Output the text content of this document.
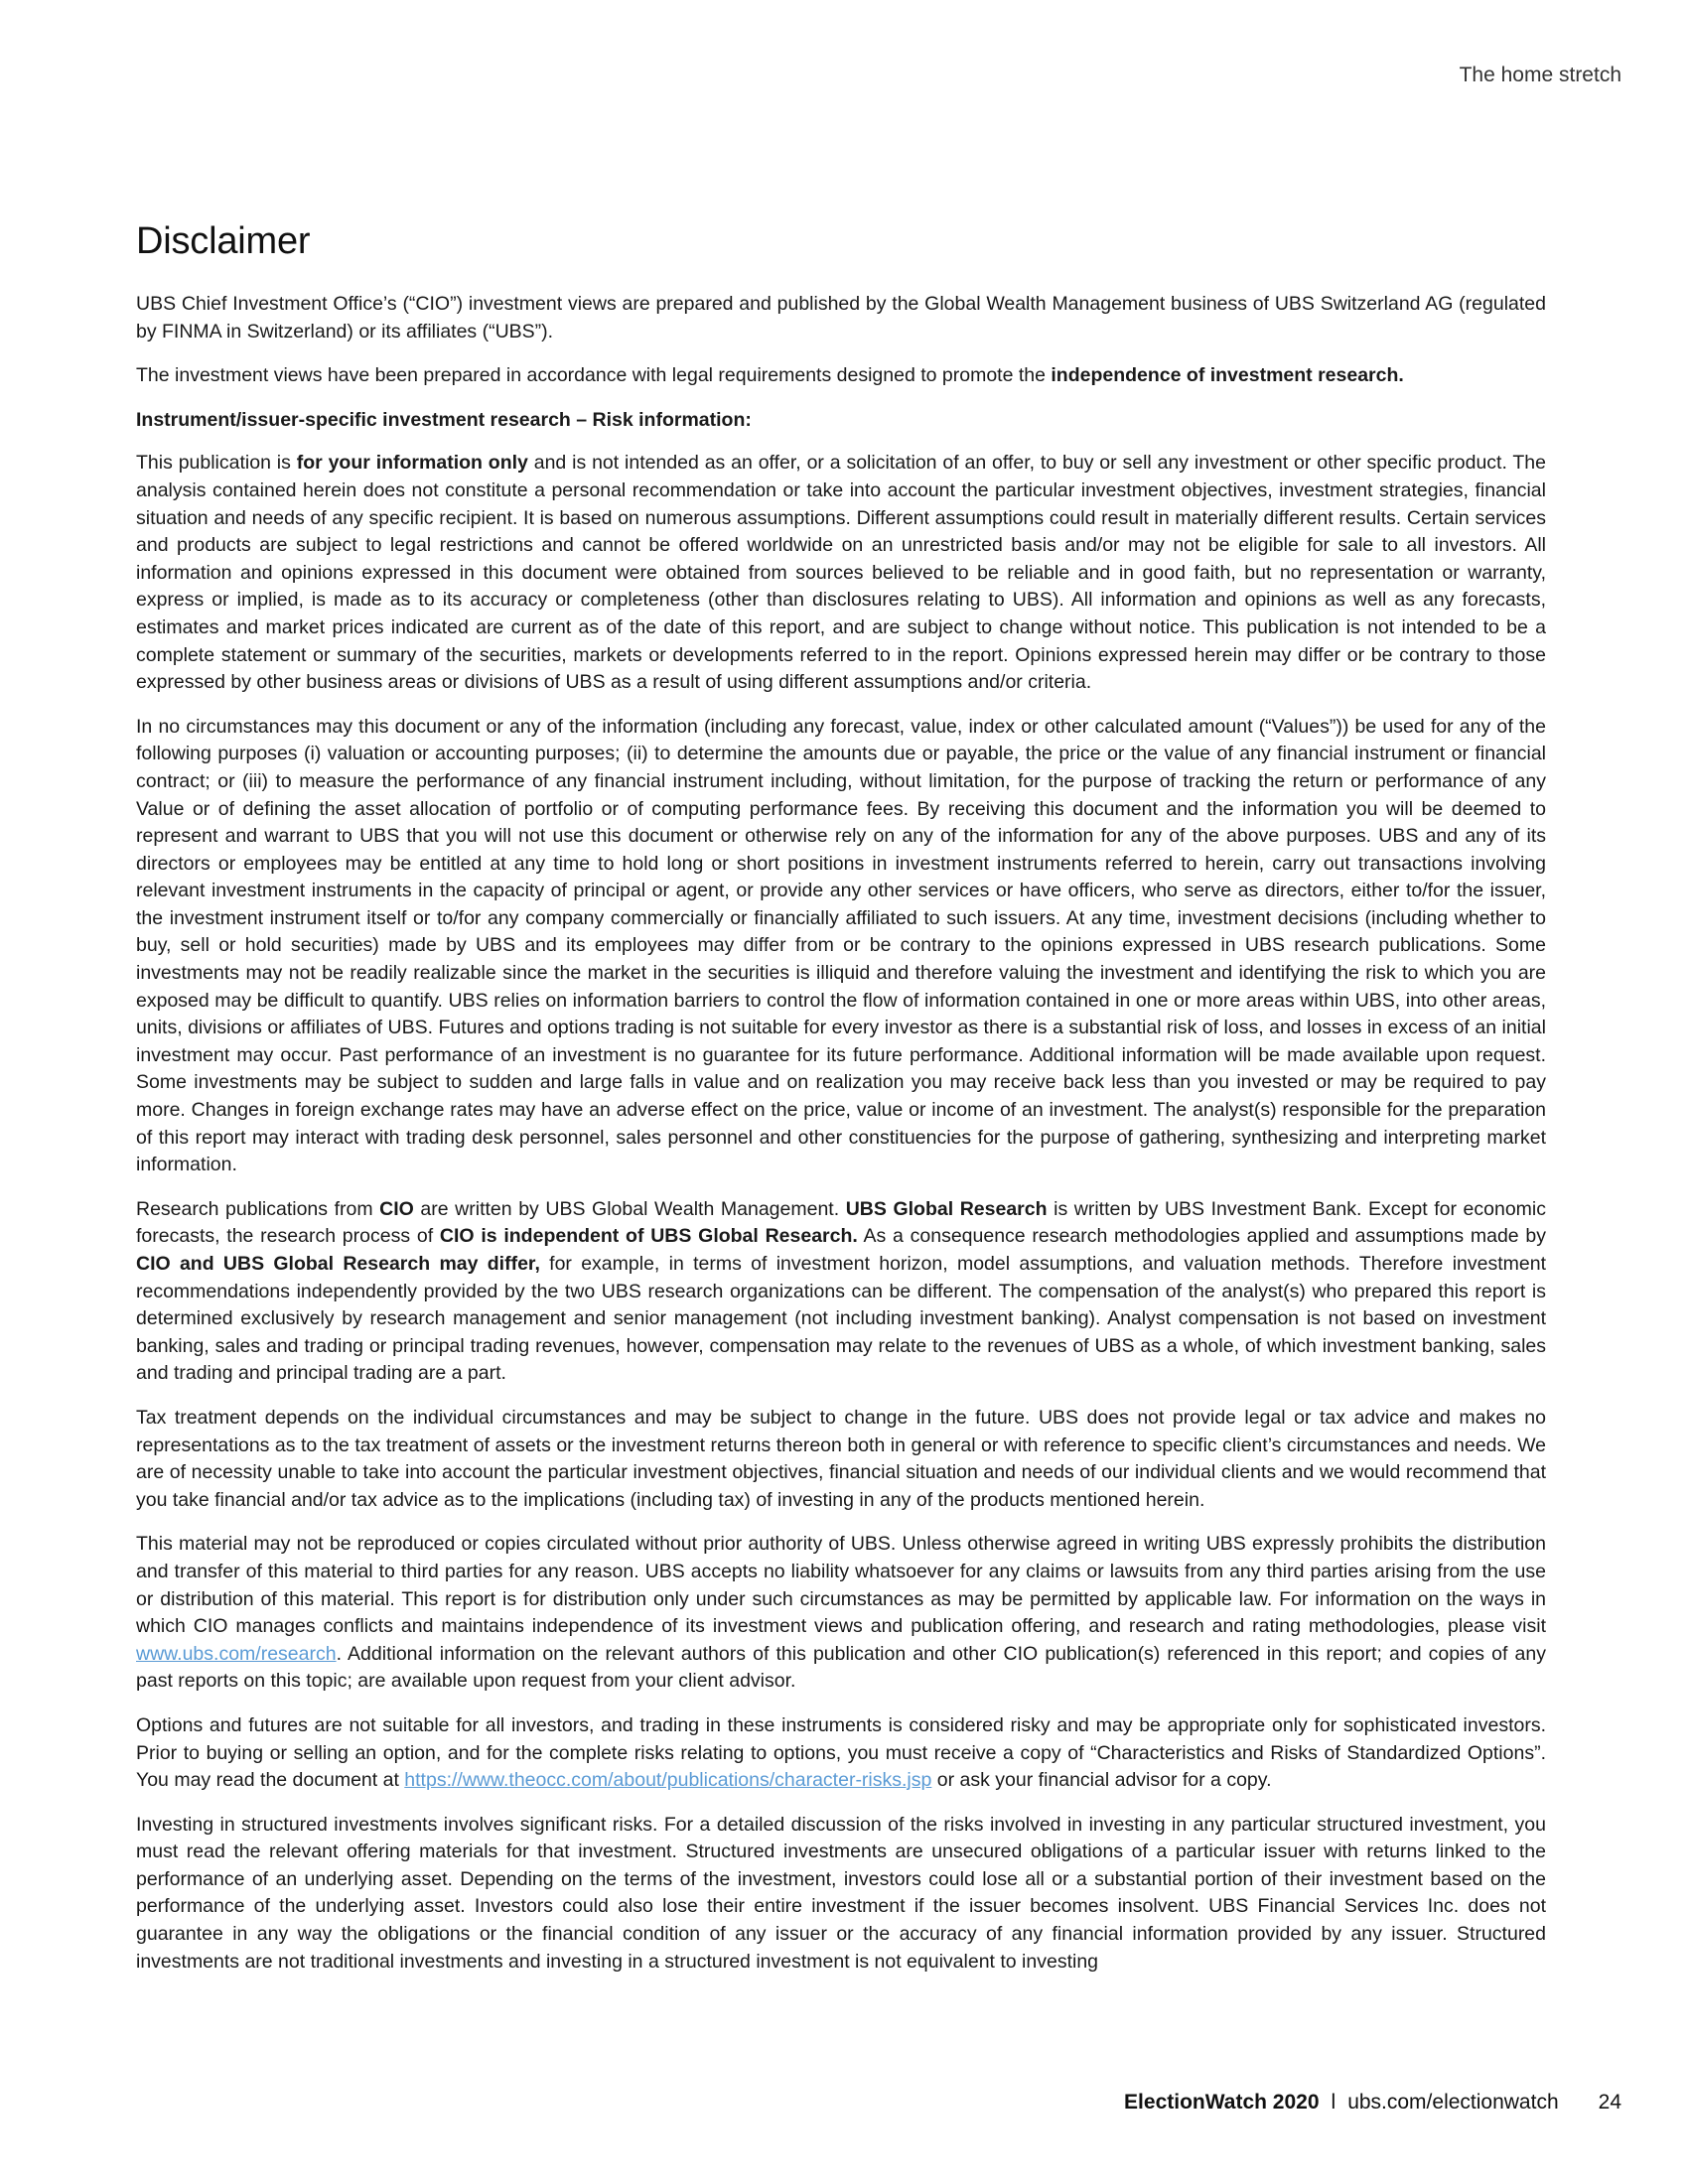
The home stretch
Disclaimer

UBS Chief Investment Office’s (“CIO”) investment views are prepared and published by the Global Wealth Management business of UBS Switzerland AG (regulated by FINMA in Switzerland) or its affiliates (“UBS”).

The investment views have been prepared in accordance with legal requirements designed to promote the independence of investment research.

Instrument/issuer-specific investment research – Risk information:

This publication is for your information only and is not intended as an offer, or a solicitation of an offer, to buy or sell any investment or other specific product. The analysis contained herein does not constitute a personal recommendation or take into account the particular investment objectives, investment strategies, financial situation and needs of any specific recipient. It is based on numerous assumptions. Different assumptions could result in materially different results. Certain services and products are subject to legal restrictions and cannot be offered worldwide on an unrestricted basis and/or may not be eligible for sale to all investors. All information and opinions expressed in this document were obtained from sources believed to be reliable and in good faith, but no representation or warranty, express or implied, is made as to its accuracy or completeness (other than disclosures relating to UBS). All information and opinions as well as any forecasts, estimates and market prices indicated are current as of the date of this report, and are subject to change without notice. This publication is not intended to be a complete statement or summary of the securities, markets or developments referred to in the report. Opinions expressed herein may differ or be contrary to those expressed by other business areas or divisions of UBS as a result of using different assumptions and/or criteria.

In no circumstances may this document or any of the information (including any forecast, value, index or other calculated amount (“Values”)) be used for any of the following purposes (i) valuation or accounting purposes; (ii) to determine the amounts due or payable, the price or the value of any financial instrument or financial contract; or (iii) to measure the performance of any financial instrument including, without limitation, for the purpose of tracking the return or performance of any Value or of defining the asset allocation of portfolio or of computing performance fees. By receiving this document and the information you will be deemed to represent and warrant to UBS that you will not use this document or otherwise rely on any of the information for any of the above purposes. UBS and any of its directors or employees may be entitled at any time to hold long or short positions in investment instruments referred to herein, carry out transactions involving relevant investment instruments in the capacity of principal or agent, or provide any other services or have officers, who serve as directors, either to/for the issuer, the investment instrument itself or to/for any company commercially or financially affiliated to such issuers. At any time, investment decisions (including whether to buy, sell or hold securities) made by UBS and its employees may differ from or be contrary to the opinions expressed in UBS research publications. Some investments may not be readily realizable since the market in the securities is illiquid and therefore valuing the investment and identifying the risk to which you are exposed may be difficult to quantify. UBS relies on information barriers to control the flow of information contained in one or more areas within UBS, into other areas, units, divisions or affiliates of UBS. Futures and options trading is not suitable for every investor as there is a substantial risk of loss, and losses in excess of an initial investment may occur. Past performance of an investment is no guarantee for its future performance. Additional information will be made available upon request. Some investments may be subject to sudden and large falls in value and on realization you may receive back less than you invested or may be required to pay more. Changes in foreign exchange rates may have an adverse effect on the price, value or income of an investment. The analyst(s) responsible for the preparation of this report may interact with trading desk personnel, sales personnel and other constituencies for the purpose of gathering, synthesizing and interpreting market information.

Research publications from CIO are written by UBS Global Wealth Management. UBS Global Research is written by UBS Investment Bank. Except for economic forecasts, the research process of CIO is independent of UBS Global Research. As a consequence research methodologies applied and assumptions made by CIO and UBS Global Research may differ, for example, in terms of investment horizon, model assumptions, and valuation methods. Therefore investment recommendations independently provided by the two UBS research organizations can be different. The compensation of the analyst(s) who prepared this report is determined exclusively by research management and senior management (not including investment banking). Analyst compensation is not based on investment banking, sales and trading or principal trading revenues, however, compensation may relate to the revenues of UBS as a whole, of which investment banking, sales and trading and principal trading are a part.

Tax treatment depends on the individual circumstances and may be subject to change in the future. UBS does not provide legal or tax advice and makes no representations as to the tax treatment of assets or the investment returns thereon both in general or with reference to specific client’s circumstances and needs. We are of necessity unable to take into account the particular investment objectives, financial situation and needs of our individual clients and we would recommend that you take financial and/or tax advice as to the implications (including tax) of investing in any of the products mentioned herein.

This material may not be reproduced or copies circulated without prior authority of UBS. Unless otherwise agreed in writing UBS expressly prohibits the distribution and transfer of this material to third parties for any reason. UBS accepts no liability whatsoever for any claims or lawsuits from any third parties arising from the use or distribution of this material. This report is for distribution only under such circumstances as may be permitted by applicable law. For information on the ways in which CIO manages conflicts and maintains independence of its investment views and publication offering, and research and rating methodologies, please visit www.ubs.com/research. Additional information on the relevant authors of this publication and other CIO publication(s) referenced in this report; and copies of any past reports on this topic; are available upon request from your client advisor.

Options and futures are not suitable for all investors, and trading in these instruments is considered risky and may be appropriate only for sophisticated investors. Prior to buying or selling an option, and for the complete risks relating to options, you must receive a copy of “Characteristics and Risks of Standardized Options”. You may read the document at https://www.theocc.com/about/publications/character-risks.jsp or ask your financial advisor for a copy.

Investing in structured investments involves significant risks. For a detailed discussion of the risks involved in investing in any particular structured investment, you must read the relevant offering materials for that investment. Structured investments are unsecured obligations of a particular issuer with returns linked to the performance of an underlying asset. Depending on the terms of the investment, investors could lose all or a substantial portion of their investment based on the performance of the underlying asset. Investors could also lose their entire investment if the issuer becomes insolvent. UBS Financial Services Inc. does not guarantee in any way the obligations or the financial condition of any issuer or the accuracy of any financial information provided by any issuer. Structured investments are not traditional investments and investing in a structured investment is not equivalent to investing

ElectionWatch 2020 l ubs.com/electionwatch 24
